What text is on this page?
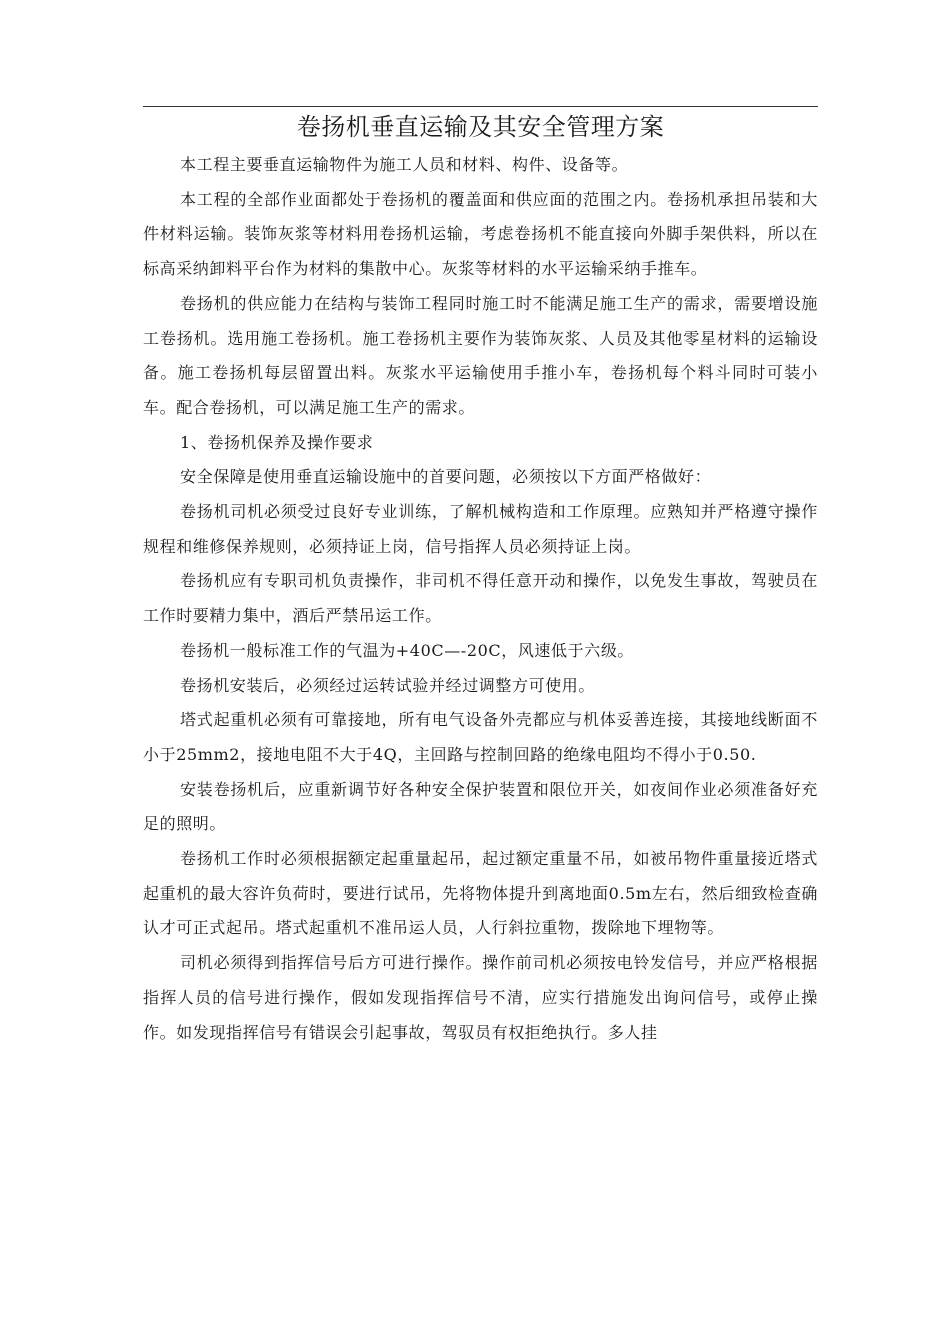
卷扬机垂直运输及其安全管理方案

本工程主要垂直运输物件为施工人员和材料、构件、设备等。

本工程的全部作业面都处于卷扬机的覆盖面和供应面的范围之内。卷扬机承担吊装和大件材料运输。装饰灰浆等材料用卷扬机运输，考虑卷扬机不能直接向外脚手架供料，所以在标高采纳卸料平台作为材料的集散中心。灰浆等材料的水平运输采纳手推车。

卷扬机的供应能力在结构与装饰工程同时施工时不能满足施工生产的需求，需要增设施工卷扬机。选用施工卷扬机。施工卷扬机主要作为装饰灰浆、人员及其他零星材料的运输设备。施工卷扬机每层留置出料。灰浆水平运输使用手推小车，卷扬机每个料斗同时可装小车。配合卷扬机，可以满足施工生产的需求。

1、卷扬机保养及操作要求

安全保障是使用垂直运输设施中的首要问题，必须按以下方面严格做好：

卷扬机司机必须受过良好专业训练，了解机械构造和工作原理。应熟知并严格遵守操作规程和维修保养规则，必须持证上岗，信号指挥人员必须持证上岗。

卷扬机应有专职司机负责操作，非司机不得任意开动和操作，以免发生事故，驾驶员在工作时要精力集中，酒后严禁吊运工作。

卷扬机一般标准工作的气温为+40C—-20C，风速低于六级。

卷扬机安装后，必须经过运转试验并经过调整方可使用。

塔式起重机必须有可靠接地，所有电气设备外壳都应与机体妥善连接，其接地线断面不小于25mm2，接地电阻不大于4Q，主回路与控制回路的绝缘电阻均不得小于0.50.

安装卷扬机后，应重新调节好各种安全保护装置和限位开关，如夜间作业必须准备好充足的照明。

卷扬机工作时必须根据额定起重量起吊，起过额定重量不吊，如被吊物件重量接近塔式起重机的最大容许负荷时，要进行试吊，先将物体提升到离地面0.5m左右，然后细致检查确认才可正式起吊。塔式起重机不准吊运人员，人行斜拉重物，拨除地下埋物等。

司机必须得到指挥信号后方可进行操作。操作前司机必须按电铃发信号，并应严格根据指挥人员的信号进行操作，假如发现指挥信号不清，应实行措施发出询问信号，或停止操作。如发现指挥信号有错误会引起事故，驾驭员有权拒绝执行。多人挂
